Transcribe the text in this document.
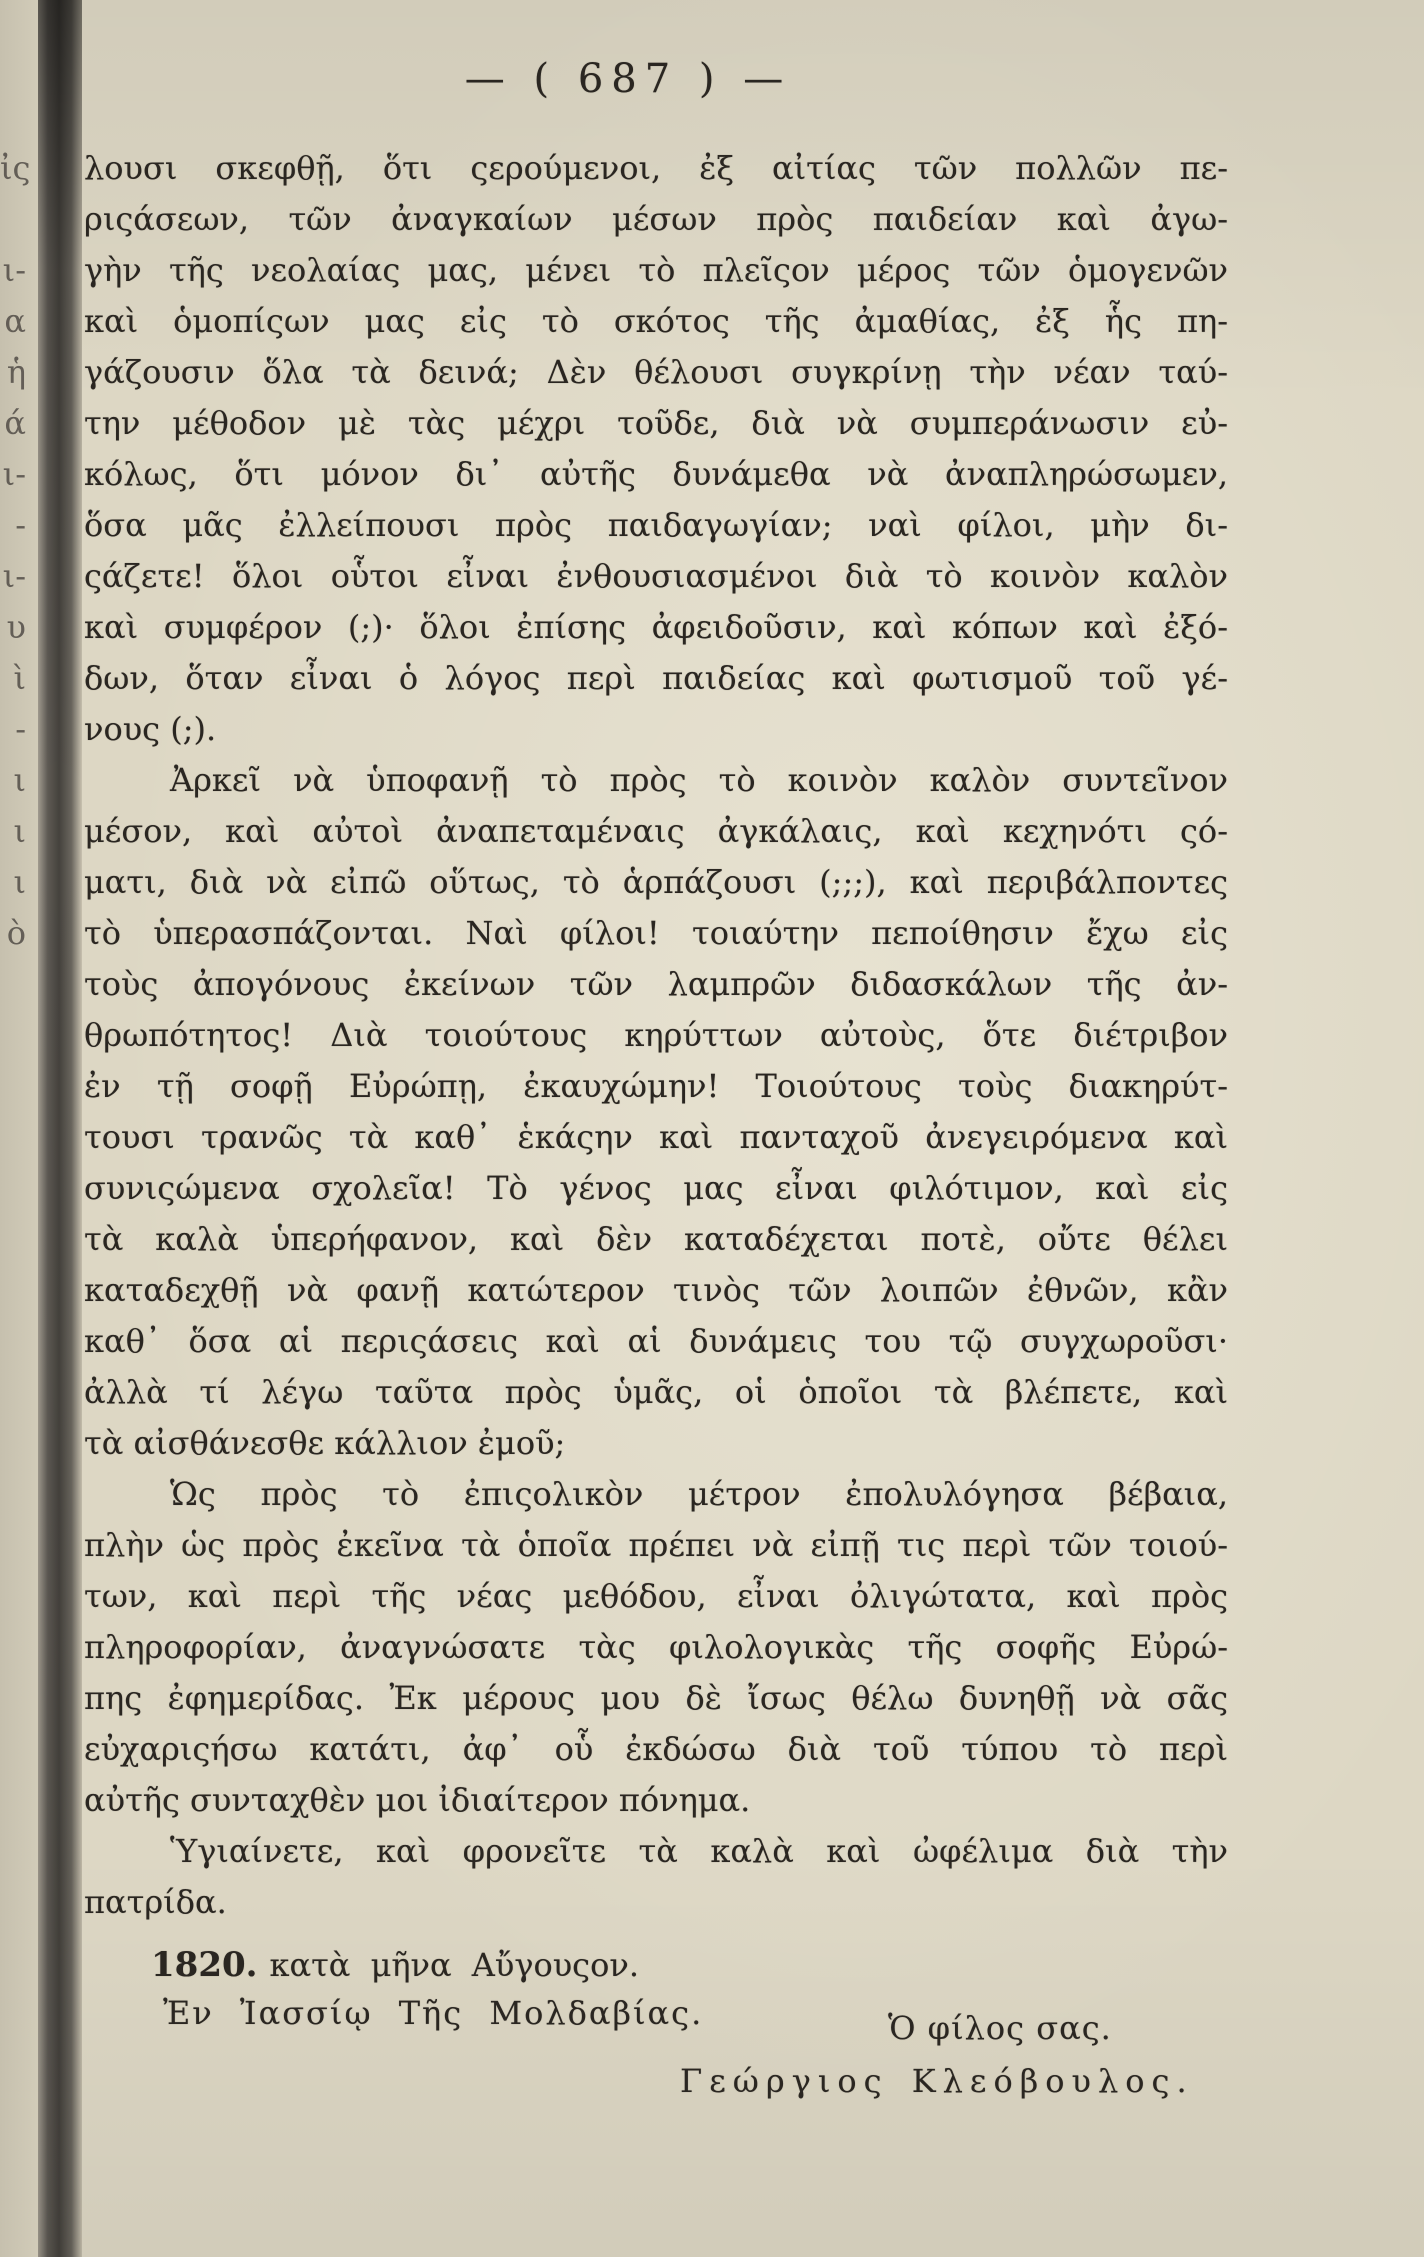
ἰς
ι-
α
ἡ
ά
ι-
-
ι-
υ
ὶ
-
ι
ι
ι
ὸ
— ( 687 ) —
λουσι σκεφθῇ, ὅτι ςερούμενοι, ἐξ αἰτίας τῶν πολλῶν πε-
ριςάσεων, τῶν ἀναγκαίων μέσων πρὸς παιδείαν καὶ ἀγω-
γὴν τῆς νεολαίας μας, μένει τὸ πλεῖςον μέρος τῶν ὁμογενῶν
καὶ ὁμοπίςων μας εἰς τὸ σκότος τῆς ἀμαθίας, ἐξ ἧς πη-
γάζουσιν ὅλα τὰ δεινά; Δὲν θέλουσι συγκρίνῃ τὴν νέαν ταύ-
την μέθοδον μὲ τὰς μέχρι τοῦδε, διὰ νὰ συμπεράνωσιν εὐ-
κόλως, ὅτι μόνον δι᾽ αὐτῆς δυνάμεθα νὰ ἀναπληρώσωμεν,
ὅσα μᾶς ἐλλείπουσι πρὸς παιδαγωγίαν; ναὶ φίλοι, μὴν δι-
ςάζετε! ὅλοι οὗτοι εἶναι ἐνθουσιασμένοι διὰ τὸ κοινὸν καλὸν
καὶ συμφέρον (;)· ὅλοι ἐπίσης ἀφειδοῦσιν, καὶ κόπων καὶ ἐξό-
δων, ὅταν εἶναι ὁ λόγος περὶ παιδείας καὶ φωτισμοῦ τοῦ γέ-
νους (;).
Ἀρκεῖ νὰ ὑποφανῇ τὸ πρὸς τὸ κοινὸν καλὸν συντεῖνον
μέσον, καὶ αὐτοὶ ἀναπεταμέναις ἀγκάλαις, καὶ κεχηνότι ςό-
ματι, διὰ νὰ εἰπῶ οὕτως, τὸ ἁρπάζουσι (;;;), καὶ περιβάλποντες
τὸ ὑπερασπάζονται. Ναὶ φίλοι! τοιαύτην πεποίθησιν ἔχω εἰς
τοὺς ἀπογόνους ἐκείνων τῶν λαμπρῶν διδασκάλων τῆς ἀν-
θρωπότητος! Διὰ τοιούτους κηρύττων αὐτοὺς, ὅτε διέτριβον
ἐν τῇ σοφῇ Εὐρώπῃ, ἐκαυχώμην! Τοιούτους τοὺς διακηρύτ-
τουσι τρανῶς τὰ καθ᾽ ἑκάςην καὶ πανταχοῦ ἀνεγειρόμενα καὶ
συνιςώμενα σχολεῖα! Τὸ γένος μας εἶναι φιλότιμον, καὶ εἰς
τὰ καλὰ ὑπερήφανον, καὶ δὲν καταδέχεται ποτὲ, οὔτε θέλει
καταδεχθῇ νὰ φανῇ κατώτερον τινὸς τῶν λοιπῶν ἐθνῶν, κἂν
καθ᾽ ὅσα αἱ περιςάσεις καὶ αἱ δυνάμεις του τῷ συγχωροῦσι·
ἀλλὰ τί λέγω ταῦτα πρὸς ὑμᾶς, οἱ ὁποῖοι τὰ βλέπετε, καὶ
τὰ αἰσθάνεσθε κάλλιον ἐμοῦ;
Ὡς πρὸς τὸ ἐπιςολικὸν μέτρον ἐπολυλόγησα βέβαια,
πλὴν ὡς πρὸς ἐκεῖνα τὰ ὁποῖα πρέπει νὰ εἰπῇ τις περὶ τῶν τοιού-
των, καὶ περὶ τῆς νέας μεθόδου, εἶναι ὀλιγώτατα, καὶ πρὸς
πληροφορίαν, ἀναγνώσατε τὰς φιλολογικὰς τῆς σοφῆς Εὐρώ-
πης ἐφημερίδας. Ἐκ μέρους μου δὲ ἴσως θέλω δυνηθῇ νὰ σᾶς
εὐχαριςήσω κατάτι, ἀφ᾽ οὗ ἐκδώσω διὰ τοῦ τύπου τὸ περὶ
αὐτῆς συνταχθὲν μοι ἰδιαίτερον πόνημα.
Ὑγιαίνετε, καὶ φρονεῖτε τὰ καλὰ καὶ ὠφέλιμα διὰ τὴν
πατρίδα.
1820. κατὰ μῆνα Αὔγουςον.
Ἐν Ἰασσίῳ Τῆς Μολδαβίας.	Ὁ φίλος σας.
Γεώργιος Κλεόβουλος.
